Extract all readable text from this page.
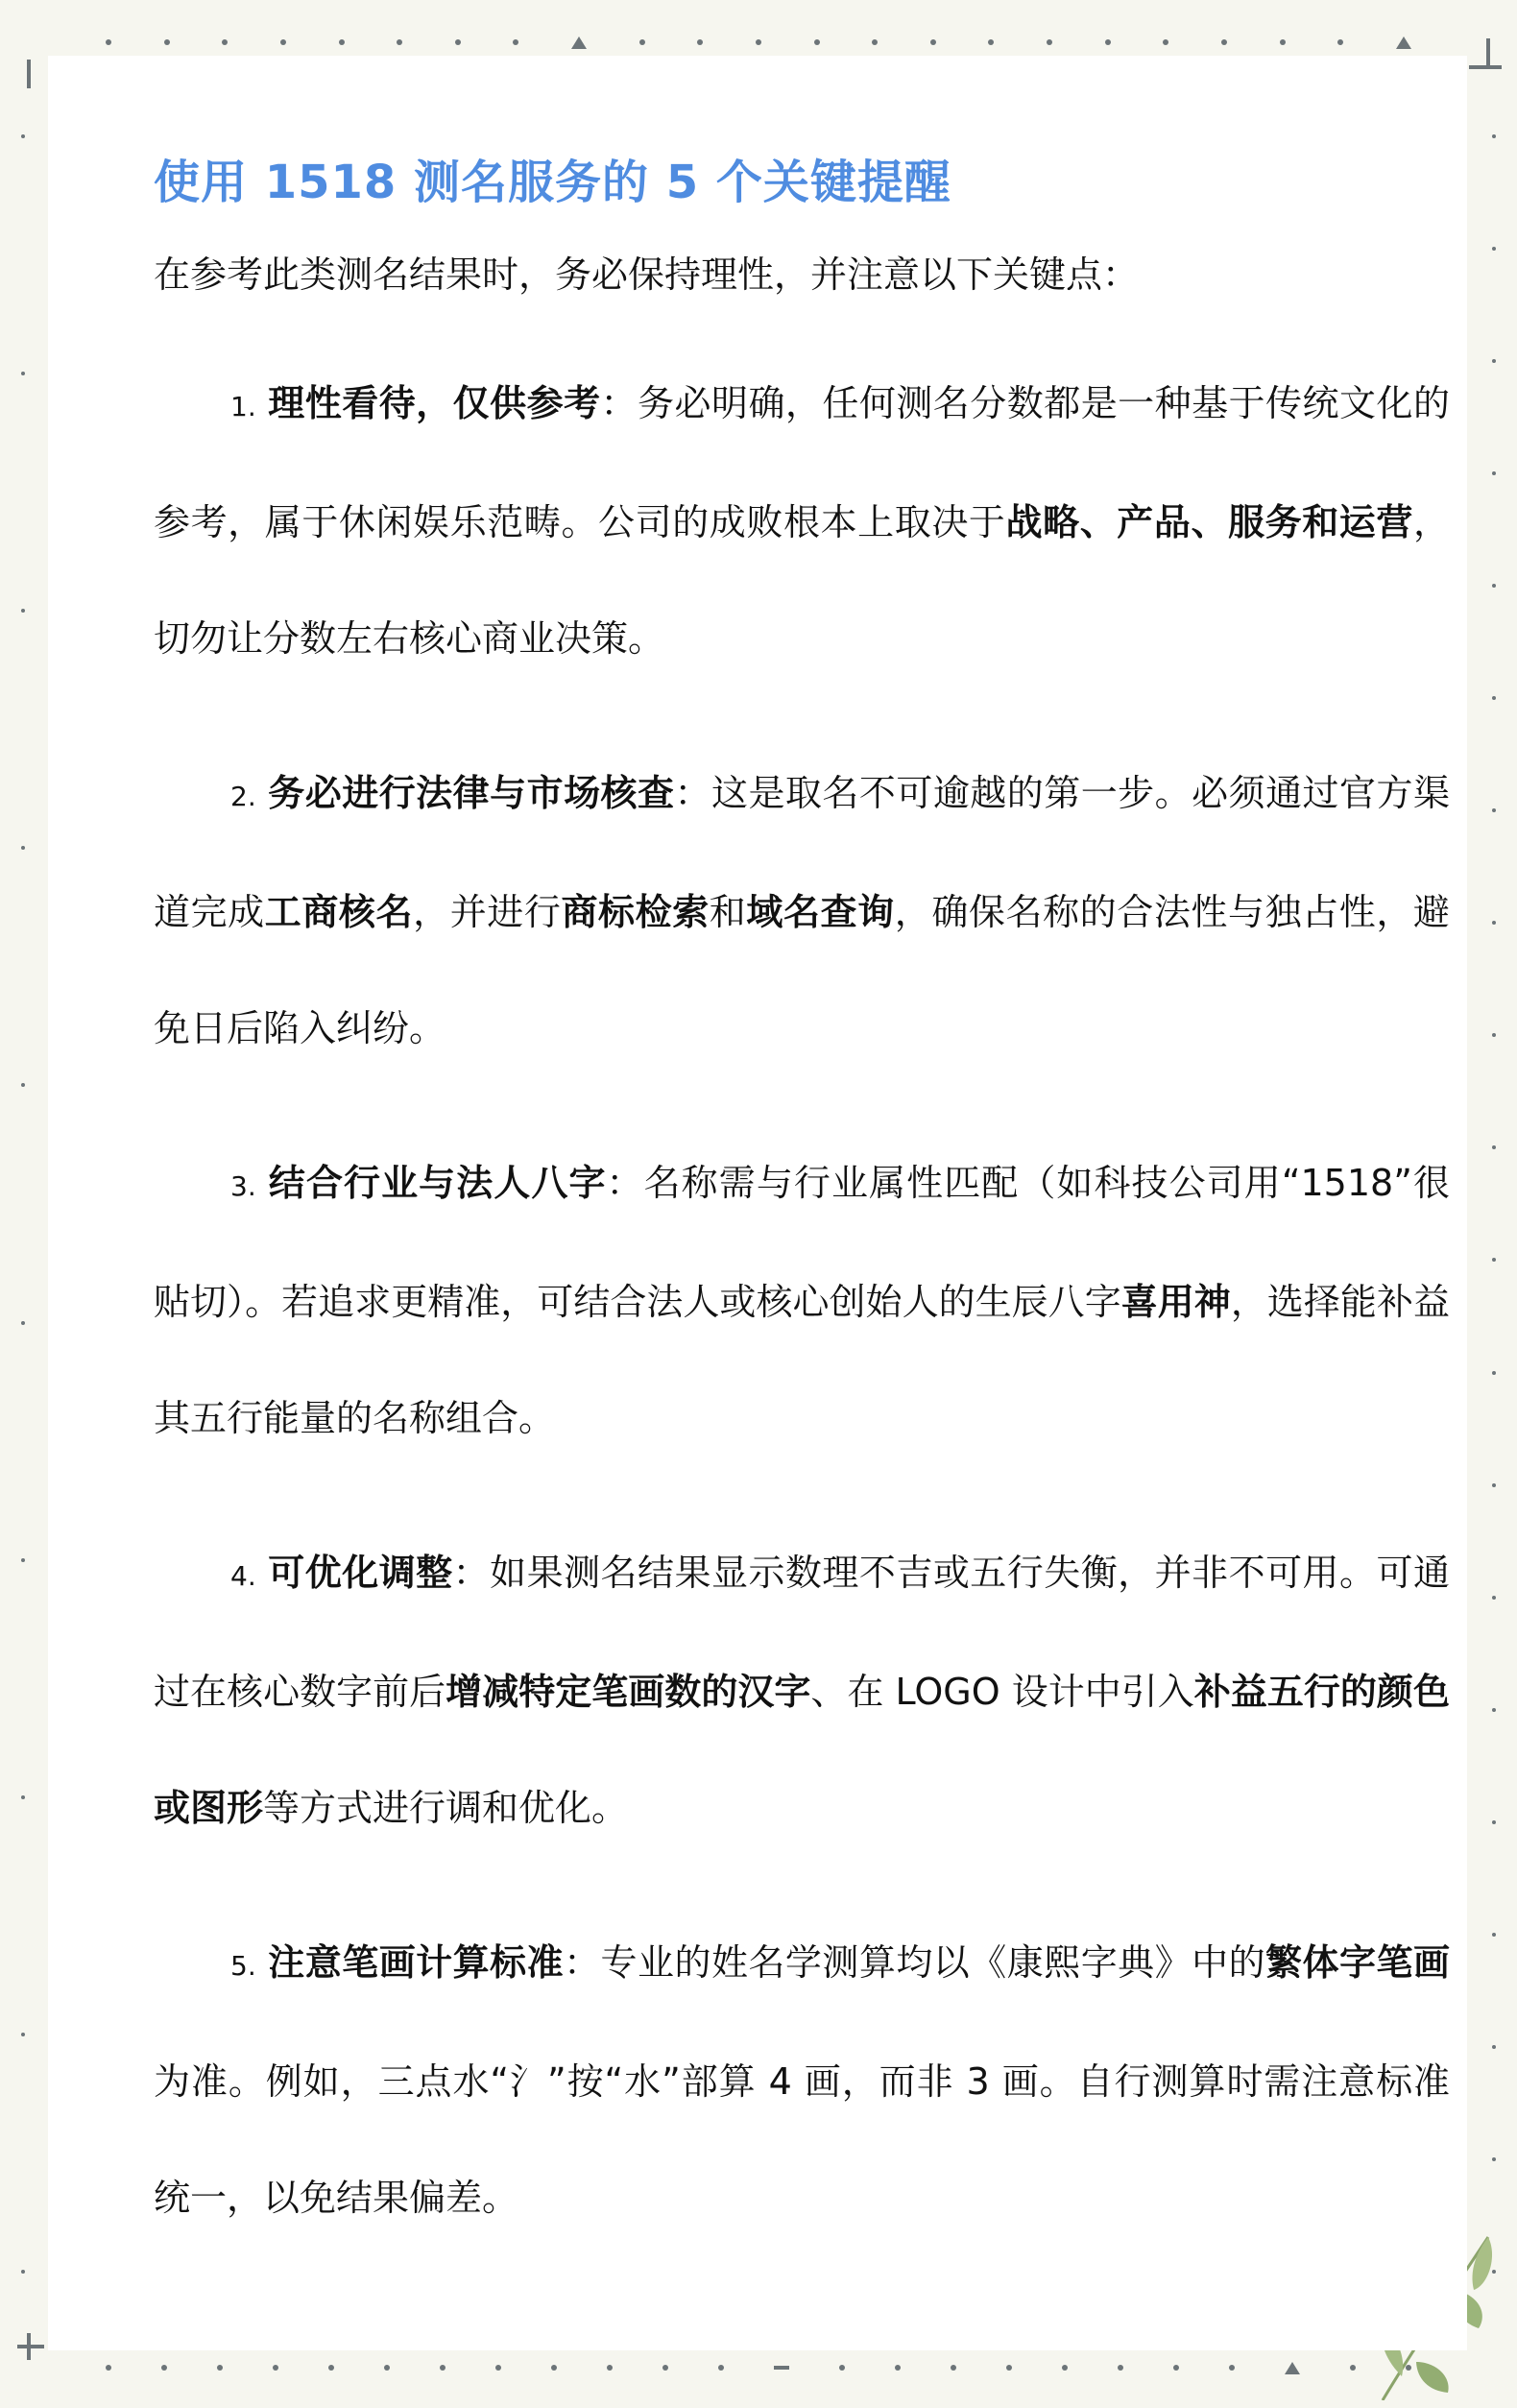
使用 1518 测名服务的 5 个关键提醒

在参考此类测名结果时，务必保持理性，并注意以下关键点：

1. 理性看待，仅供参考：务必明确，任何测名分数都是一种基于传统文化的参考，属于休闲娱乐范畴。公司的成败根本上取决于战略、产品、服务和运营，切勿让分数左右核心商业决策。

2. 务必进行法律与市场核查：这是取名不可逾越的第一步。必须通过官方渠道完成工商核名，并进行商标检索和域名查询，确保名称的合法性与独占性，避免日后陷入纠纷。

3. 结合行业与法人八字：名称需与行业属性匹配（如科技公司用“1518”很贴切）。若追求更精准，可结合法人或核心创始人的生辰八字喜用神，选择能补益其五行能量的名称组合。

4. 可优化调整：如果测名结果显示数理不吉或五行失衡，并非不可用。可通过在核心数字前后增减特定笔画数的汉字、在 LOGO 设计中引入补益五行的颜色或图形等方式进行调和优化。

5. 注意笔画计算标准：专业的姓名学测算均以《康熙字典》中的繁体字笔画为准。例如，三点水“氵”按“水”部算 4 画，而非 3 画。自行测算时需注意标准统一，以免结果偏差。
